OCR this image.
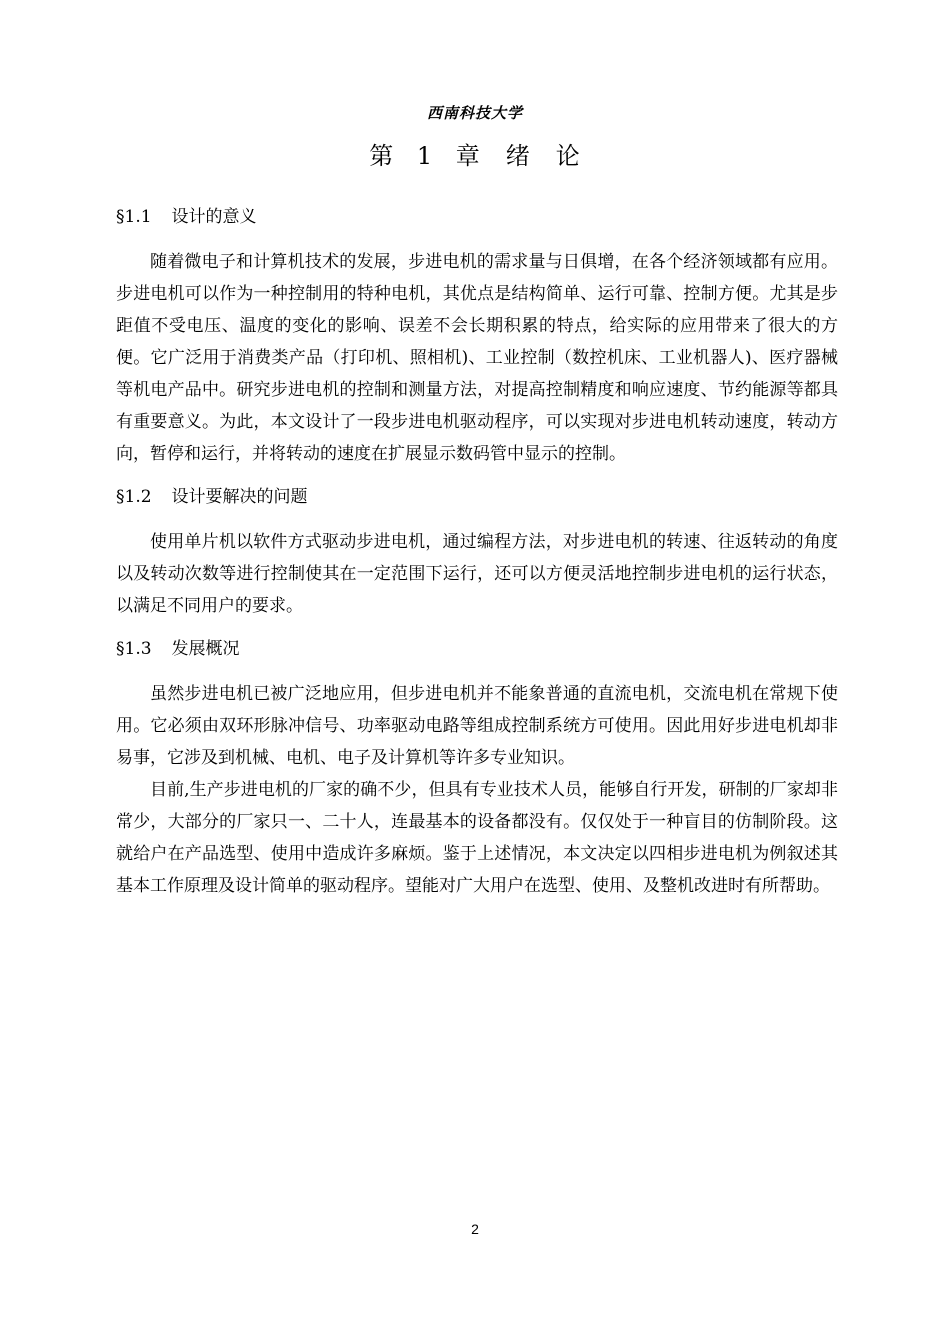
西南科技大学
第 1 章　绪　论
§1.1 设计的意义

随着微电子和计算机技术的发展，步进电机的需求量与日俱增，在各个经济领域都有应用。步进电机可以作为一种控制用的特种电机，其优点是结构简单、运行可靠、控制方便。尤其是步距值不受电压、温度的变化的影响、误差不会长期积累的特点，给实际的应用带来了很大的方便。它广泛用于消费类产品（打印机、照相机)、工业控制（数控机床、工业机器人)、医疗器械等机电产品中。研究步进电机的控制和测量方法，对提高控制精度和响应速度、节约能源等都具有重要意义。为此，本文设计了一段步进电机驱动程序，可以实现对步进电机转动速度，转动方向，暂停和运行，并将转动的速度在扩展显示数码管中显示的控制。

§1.2 设计要解决的问题

使用单片机以软件方式驱动步进电机，通过编程方法，对步进电机的转速、往返转动的角度以及转动次数等进行控制使其在一定范围下运行，还可以方便灵活地控制步进电机的运行状态，以满足不同用户的要求。

§1.3 发展概况

虽然步进电机已被广泛地应用，但步进电机并不能象普通的直流电机，交流电机在常规下使用。它必须由双环形脉冲信号、功率驱动电路等组成控制系统方可使用。因此用好步进电机却非易事，它涉及到机械、电机、电子及计算机等许多专业知识。

目前,生产步进电机的厂家的确不少，但具有专业技术人员，能够自行开发，研制的厂家却非常少，大部分的厂家只一、二十人，连最基本的设备都没有。仅仅处于一种盲目的仿制阶段。这就给户在产品选型、使用中造成许多麻烦。鉴于上述情况，本文决定以四相步进电机为例叙述其基本工作原理及设计简单的驱动程序。望能对广大用户在选型、使用、及整机改进时有所帮助。

2
